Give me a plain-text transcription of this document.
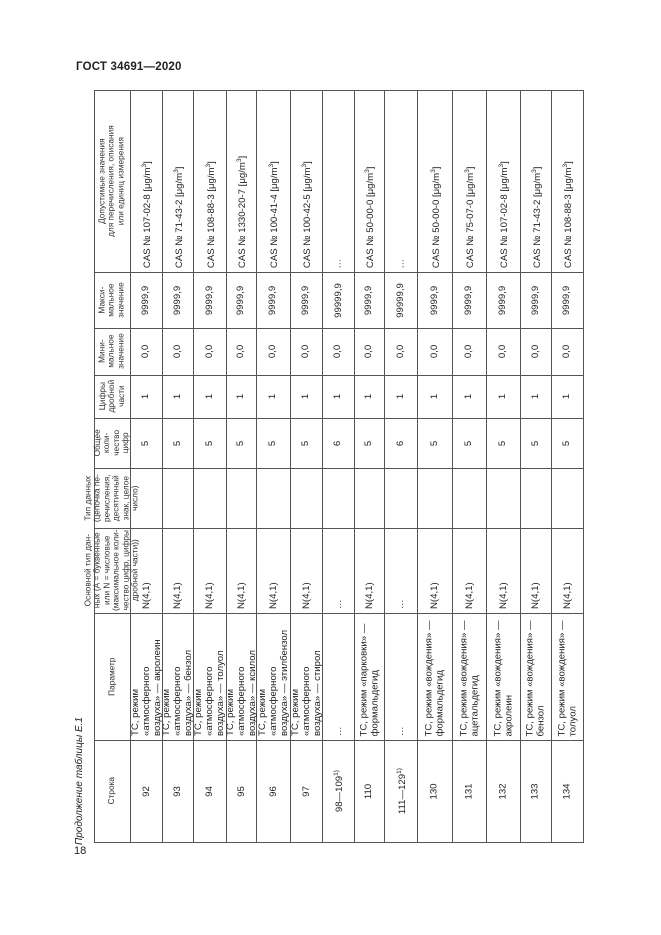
ГОСТ 34691—2020
18
Продолжение таблицы Е.1	Строка
Параметр
Основной тип дан- ных (А = буквенные или N = числовые (максимальное коли- чество цифр, цифры дробной части))
Тип данных (цепочка пе- речисления, десятичный знак, целое число)
Общее коли- чество цифр
Цифры дробной части
Мини- мальное значение
Макси- мальное значение
Допустимые значения для перечисления, описания или единиц измерения
92
ТС, режим «атмосферного воздуха» — акролеин
N(4,1)
5
1
0,0
9999,9
CAS № 107-02-8 $[\mu g/m^3]$
93
ТС, режим «атмосферного воздуха» — бензол
N(4,1)
5
1
0,0
9999,9
CAS № 71-43-2 $[\mu g/m^3]$
94
ТС, режим «атмосферного воздуха» — толуол
N(4,1)
5
1
0,0
9999,9
CAS № 108-88-3 $[\mu g/m^3]$
95
ТС, режим «атмосферного воздуха» — ксилол
N(4,1)
5
1
0,0
9999,9
CAS № 1330-20-7 $[\mu g/m^3]$
96
ТС, режим «атмосферного воздуха» — этилбензол
N(4,1)
5
1
0,0
9999,9
CAS № 100-41-4 $[\mu g/m^3]$
97
ТС, режим «атмосферного воздуха» — стирол
N(4,1)
5
1
0,0
9999,9
CAS № 100-42-5 $[\mu g/m^3]$
98—109$^{1)}$
…
…
6
1
0,0
99999,9
…
110
ТС, режим «парковки» — формальдегид
N(4,1)
5
1
0,0
9999,9
CAS № 50-00-0 $[\mu g/m^3]$
111—129$^{1)}$
…
…
6
1
0,0
99999,9
…
130
ТС, режим «вождения» — формальдегид
N(4,1)
5
1
0,0
9999,9
CAS № 50-00-0 $[\mu g/m^3]$
131
ТС, режим «вождения» — ацетальдегид
N(4,1)
5
1
0,0
9999,9
CAS № 75-07-0 $[\mu g/m^3]$
132
ТС, режим «вождения» — акролеин
N(4,1)
5
1
0,0
9999,9
CAS № 107-02-8 $[\mu g/m^3]$
133
ТС, режим «вождения» — бензол
N(4,1)
5
1
0,0
9999,9
CAS № 71-43-2 $[\mu g/m^3]$
134
ТС, режим «вождения» — толуол
N(4,1)
5
1
0,0
9999,9
CAS № 108-88-3 $[\mu g/m^3]$
